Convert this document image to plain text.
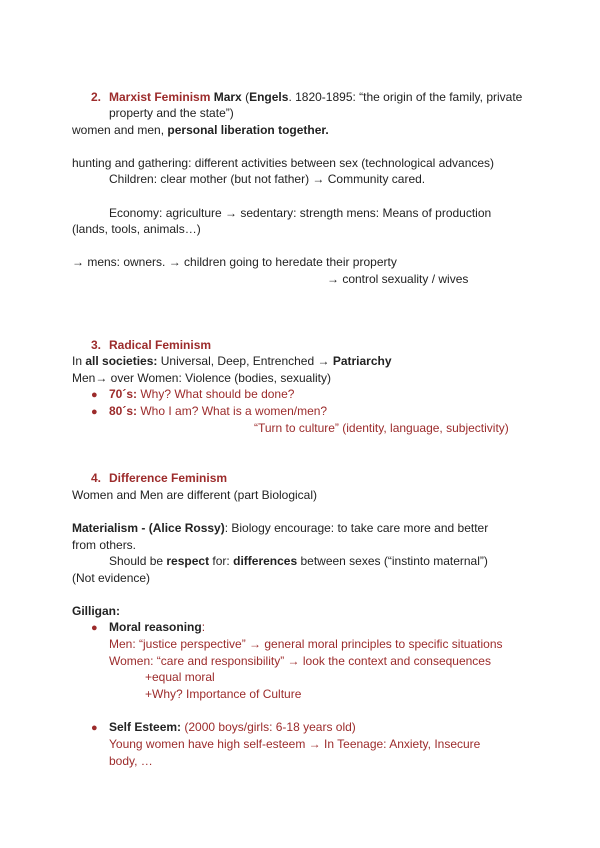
2. Marxist Feminism Marx (Engels. 1820-1895: “the origin of the family, private
property and the state”)
women and men, personal liberation together.
hunting and gathering: different activities between sex (technological advances)
Children: clear mother (but not father) → Community cared.
Economy: agriculture → sedentary: strength mens: Means of production
(lands, tools, animals…)
→ mens: owners. → children going to heredate their property
→ control sexuality / wives
3. Radical Feminism
In all societies: Universal, Deep, Entrenched → Patriarchy
Men→ over Women: Violence (bodies, sexuality)
● 70´s: Why? What should be done?
● 80´s: Who I am? What is a women/men?
“Turn to culture” (identity, language, subjectivity)
4. Difference Feminism
Women and Men are different (part Biological)
Materialism - (Alice Rossy): Biology encourage: to take care more and better
from others.
Should be respect for: differences between sexes (“instinto maternal”)
(Not evidence)
Gilligan:
● Moral reasoning:
Men: “justice perspective” → general moral principles to specific situations
Women: “care and responsibility” → look the context and consequences
+equal moral
+Why? Importance of Culture
● Self Esteem: (2000 boys/girls: 6-18 years old)
Young women have high self-esteem → In Teenage: Anxiety, Insecure
body, …
